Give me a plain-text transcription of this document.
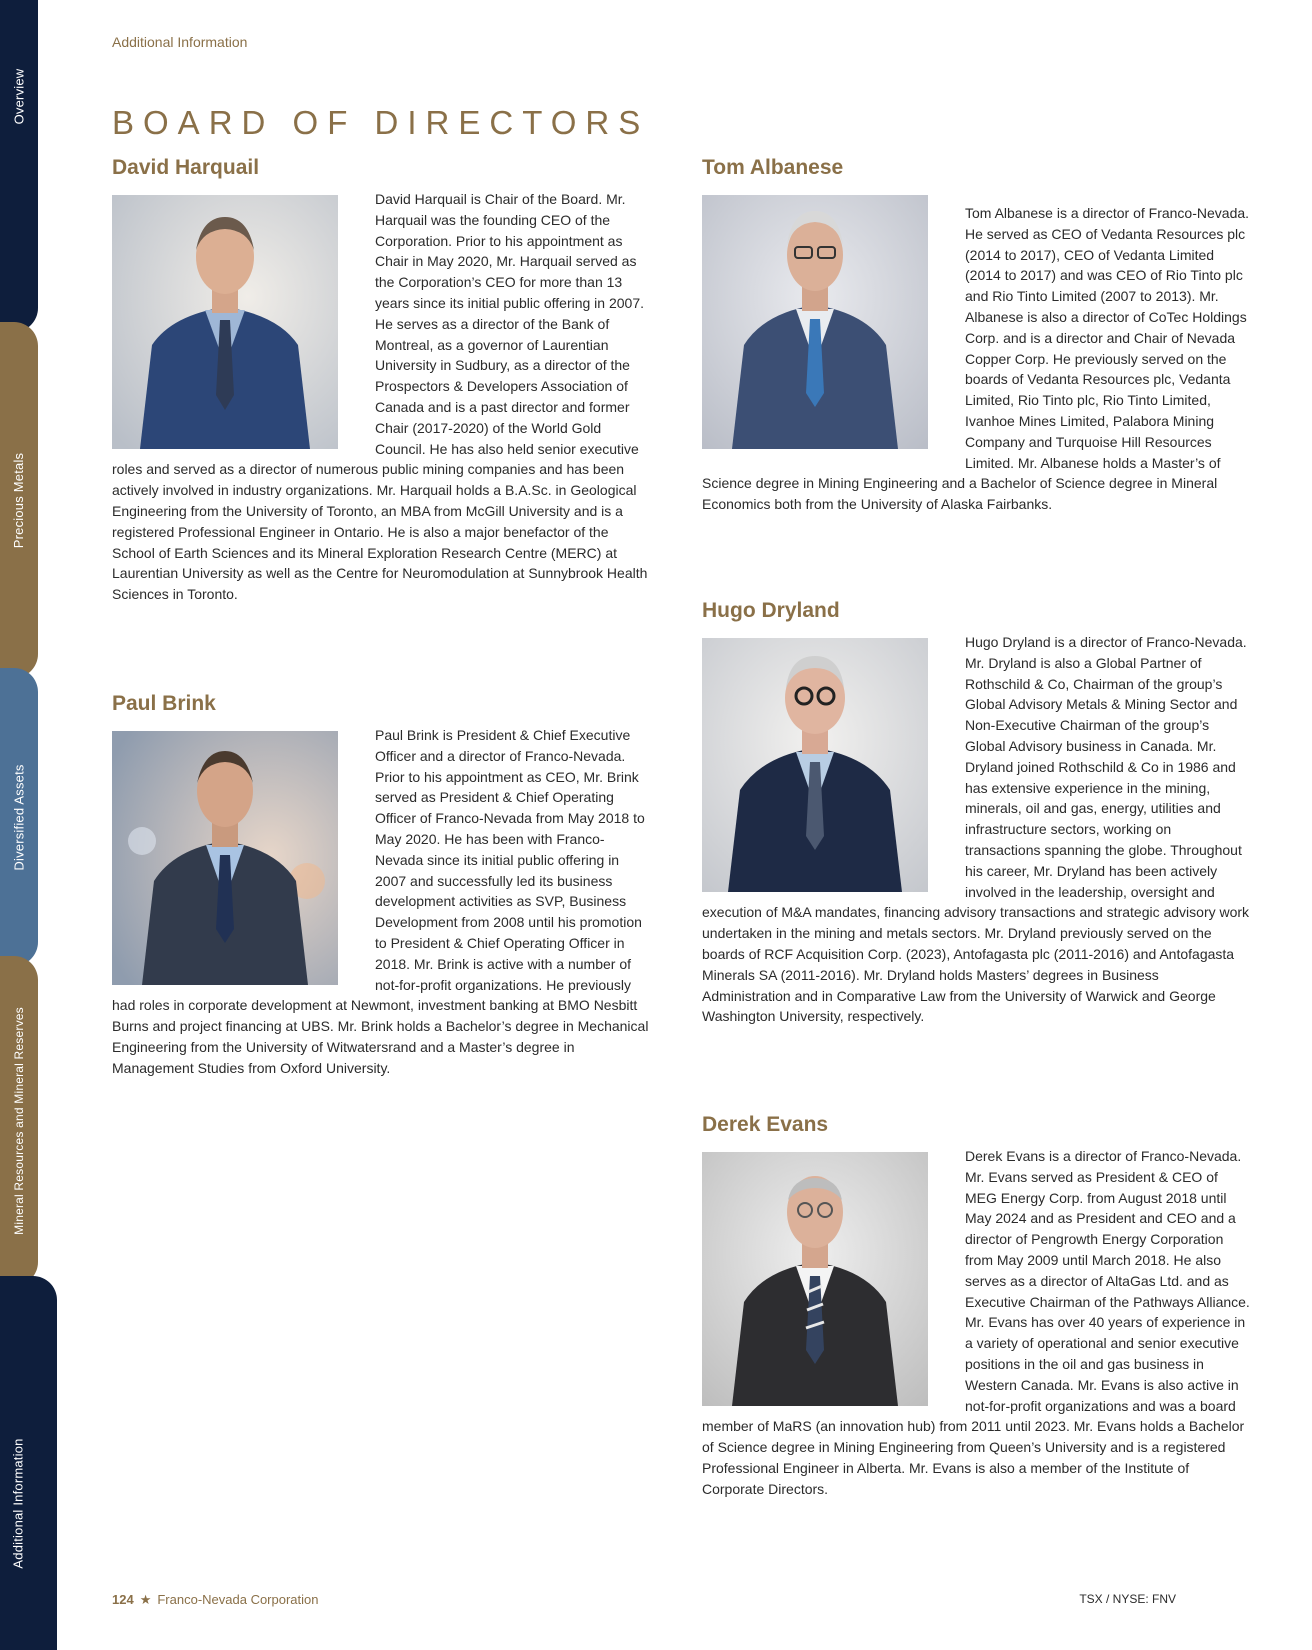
Overview
Precious Metals
Diversified Assets
Mineral Resources and Mineral Reserves
Additional Information
Additional Information
BOARD OF DIRECTORS
David Harquail

David Harquail is Chair of the Board. Mr. Harquail was the founding CEO of the Corporation. Prior to his appointment as Chair in May 2020, Mr. Harquail served as the Corporation’s CEO for more than 13 years since its initial public offering in 2007. He serves as a director of the Bank of Montreal, as a governor of Laurentian University in Sudbury, as a director of the Prospectors & Developers Association of Canada and is a past director and former Chair (2017-2020) of the World Gold Council. He has also held senior executive roles and served as a director of numerous public mining companies and has been actively involved in industry organizations. Mr. Harquail holds a B.A.Sc. in Geological Engineering from the University of Toronto, an MBA from McGill University and is a registered Professional Engineer in Ontario. He is also a major benefactor of the School of Earth Sciences and its Mineral Exploration Research Centre (MERC) at Laurentian University as well as the Centre for Neuromodulation at Sunnybrook Health Sciences in Toronto.

Paul Brink

Paul Brink is President & Chief Executive Officer and a director of Franco-Nevada. Prior to his appointment as CEO, Mr. Brink served as President & Chief Operating Officer of Franco-Nevada from May 2018 to May 2020. He has been with Franco-Nevada since its initial public offering in 2007 and successfully led its business development activities as SVP, Business Development from 2008 until his promotion to President & Chief Operating Officer in 2018. Mr. Brink is active with a number of not-for-profit organizations. He previously had roles in corporate development at Newmont, investment banking at BMO Nesbitt Burns and project financing at UBS. Mr. Brink holds a Bachelor’s degree in Mechanical Engineering from the University of Witwatersrand and a Master’s degree in Management Studies from Oxford University.

Tom Albanese

Tom Albanese is a director of Franco-Nevada. He served as CEO of Vedanta Resources plc (2014 to 2017), CEO of Vedanta Limited (2014 to 2017) and was CEO of Rio Tinto plc and Rio Tinto Limited (2007 to 2013). Mr. Albanese is also a director of CoTec Holdings Corp. and is a director and Chair of Nevada Copper Corp. He previously served on the boards of Vedanta Resources plc, Vedanta Limited, Rio Tinto plc, Rio Tinto Limited, Ivanhoe Mines Limited, Palabora Mining Company and Turquoise Hill Resources Limited. Mr. Albanese holds a Master’s of Science degree in Mining Engineering and a Bachelor of Science degree in Mineral Economics both from the University of Alaska Fairbanks.

Hugo Dryland

Hugo Dryland is a director of Franco-Nevada. Mr. Dryland is also a Global Partner of Rothschild & Co, Chairman of the group’s Global Advisory Metals & Mining Sector and Non-Executive Chairman of the group’s Global Advisory business in Canada. Mr. Dryland joined Rothschild & Co in 1986 and has extensive experience in the mining, minerals, oil and gas, energy, utilities and infrastructure sectors, working on transactions spanning the globe. Throughout his career, Mr. Dryland has been actively involved in the leadership, oversight and execution of M&A mandates, financing advisory transactions and strategic advisory work undertaken in the mining and metals sectors. Mr. Dryland previously served on the boards of RCF Acquisition Corp. (2023), Antofagasta plc (2011-2016) and Antofagasta Minerals SA (2011-2016). Mr. Dryland holds Masters’ degrees in Business Administration and in Comparative Law from the University of Warwick and George Washington University, respectively.

Derek Evans

Derek Evans is a director of Franco-Nevada. Mr. Evans served as President & CEO of MEG Energy Corp. from August 2018 until May 2024 and as President and CEO and a director of Pengrowth Energy Corporation from May 2009 until March 2018. He also serves as a director of AltaGas Ltd. and as Executive Chairman of the Pathways Alliance. Mr. Evans has over 40 years of experience in a variety of operational and senior executive positions in the oil and gas business in Western Canada. Mr. Evans is also active in not-for-profit organizations and was a board member of MaRS (an innovation hub) from 2011 until 2023. Mr. Evans holds a Bachelor of Science degree in Mining Engineering from Queen’s University and is a registered Professional Engineer in Alberta. Mr. Evans is also a member of the Institute of Corporate Directors.

124 ★ Franco-Nevada Corporation	TSX / NYSE: FNV
